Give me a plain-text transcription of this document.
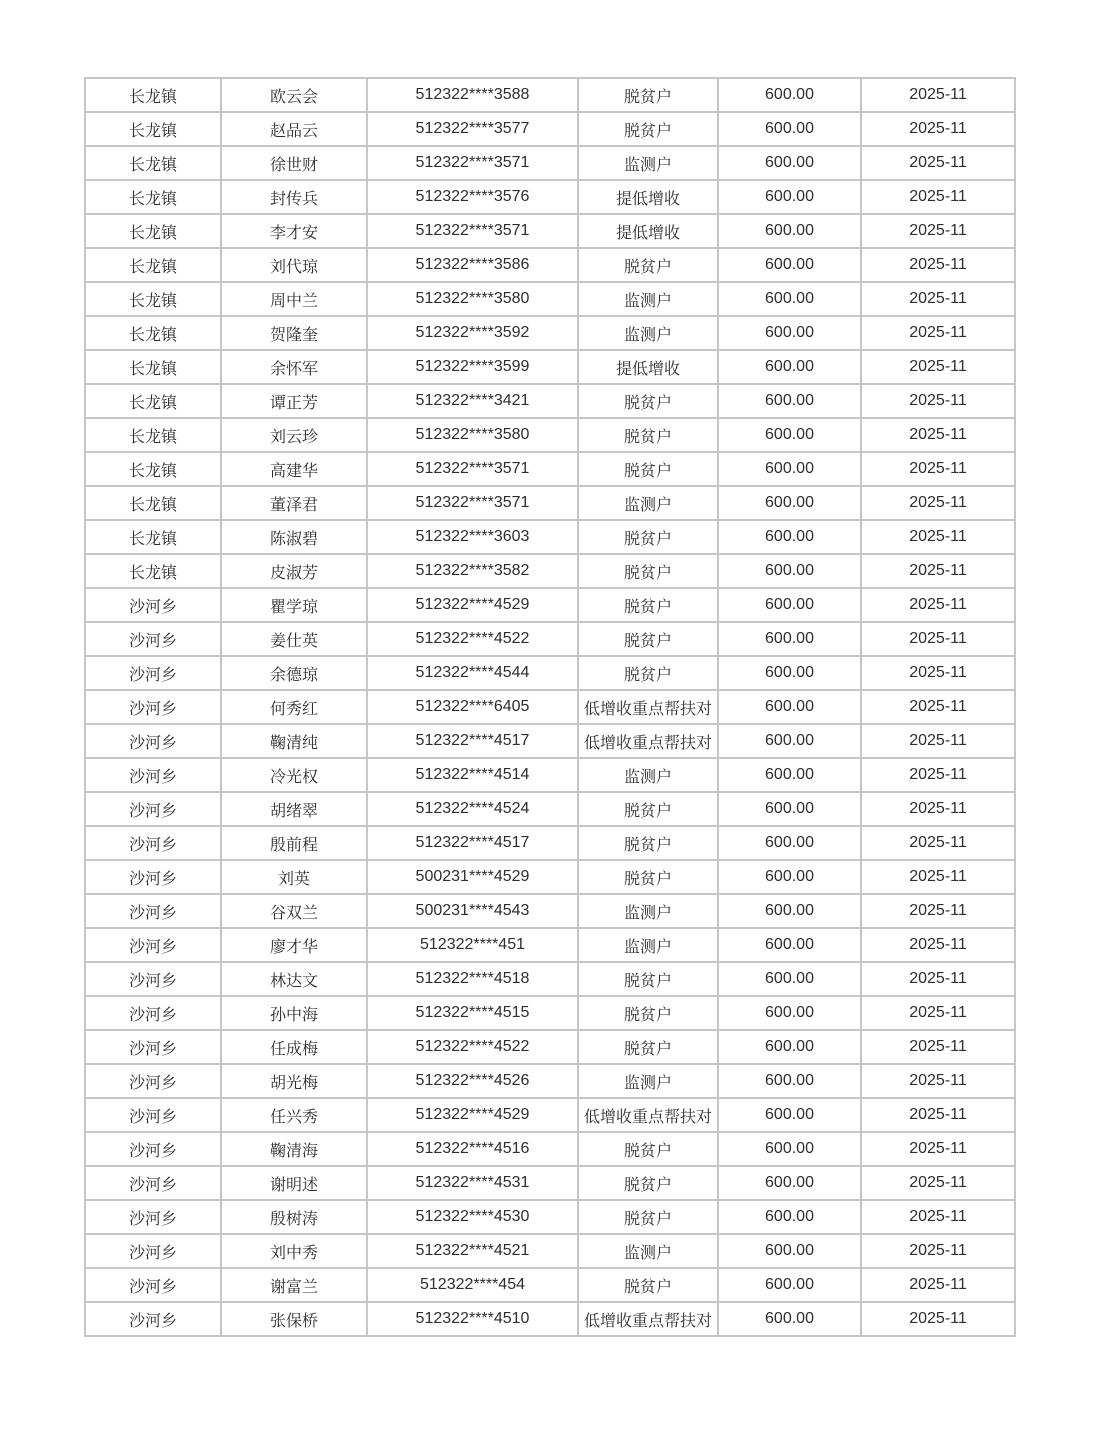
长龙镇	欧云会	512322****3588	脱贫户	600.00	2025-11
长龙镇	赵品云	512322****3577	脱贫户	600.00	2025-11
长龙镇	徐世财	512322****3571	监测户	600.00	2025-11
长龙镇	封传兵	512322****3576	提低增收	600.00	2025-11
长龙镇	李才安	512322****3571	提低增收	600.00	2025-11
长龙镇	刘代琼	512322****3586	脱贫户	600.00	2025-11
长龙镇	周中兰	512322****3580	监测户	600.00	2025-11
长龙镇	贺隆奎	512322****3592	监测户	600.00	2025-11
长龙镇	余怀军	512322****3599	提低增收	600.00	2025-11
长龙镇	谭正芳	512322****3421	脱贫户	600.00	2025-11
长龙镇	刘云珍	512322****3580	脱贫户	600.00	2025-11
长龙镇	高建华	512322****3571	脱贫户	600.00	2025-11
长龙镇	董泽君	512322****3571	监测户	600.00	2025-11
长龙镇	陈淑碧	512322****3603	脱贫户	600.00	2025-11
长龙镇	皮淑芳	512322****3582	脱贫户	600.00	2025-11
沙河乡	瞿学琼	512322****4529	脱贫户	600.00	2025-11
沙河乡	姜仕英	512322****4522	脱贫户	600.00	2025-11
沙河乡	余德琼	512322****4544	脱贫户	600.00	2025-11
沙河乡	何秀红	512322****6405	低增收重点帮扶对	600.00	2025-11
沙河乡	鞠清纯	512322****4517	低增收重点帮扶对	600.00	2025-11
沙河乡	冷光权	512322****4514	监测户	600.00	2025-11
沙河乡	胡绪翠	512322****4524	脱贫户	600.00	2025-11
沙河乡	殷前程	512322****4517	脱贫户	600.00	2025-11
沙河乡	刘英	500231****4529	脱贫户	600.00	2025-11
沙河乡	谷双兰	500231****4543	监测户	600.00	2025-11
沙河乡	廖才华	512322****451	监测户	600.00	2025-11
沙河乡	林达文	512322****4518	脱贫户	600.00	2025-11
沙河乡	孙中海	512322****4515	脱贫户	600.00	2025-11
沙河乡	任成梅	512322****4522	脱贫户	600.00	2025-11
沙河乡	胡光梅	512322****4526	监测户	600.00	2025-11
沙河乡	任兴秀	512322****4529	低增收重点帮扶对	600.00	2025-11
沙河乡	鞠清海	512322****4516	脱贫户	600.00	2025-11
沙河乡	谢明述	512322****4531	脱贫户	600.00	2025-11
沙河乡	殷树涛	512322****4530	脱贫户	600.00	2025-11
沙河乡	刘中秀	512322****4521	监测户	600.00	2025-11
沙河乡	谢富兰	512322****454	脱贫户	600.00	2025-11
沙河乡	张保桥	512322****4510	低增收重点帮扶对	600.00	2025-11
